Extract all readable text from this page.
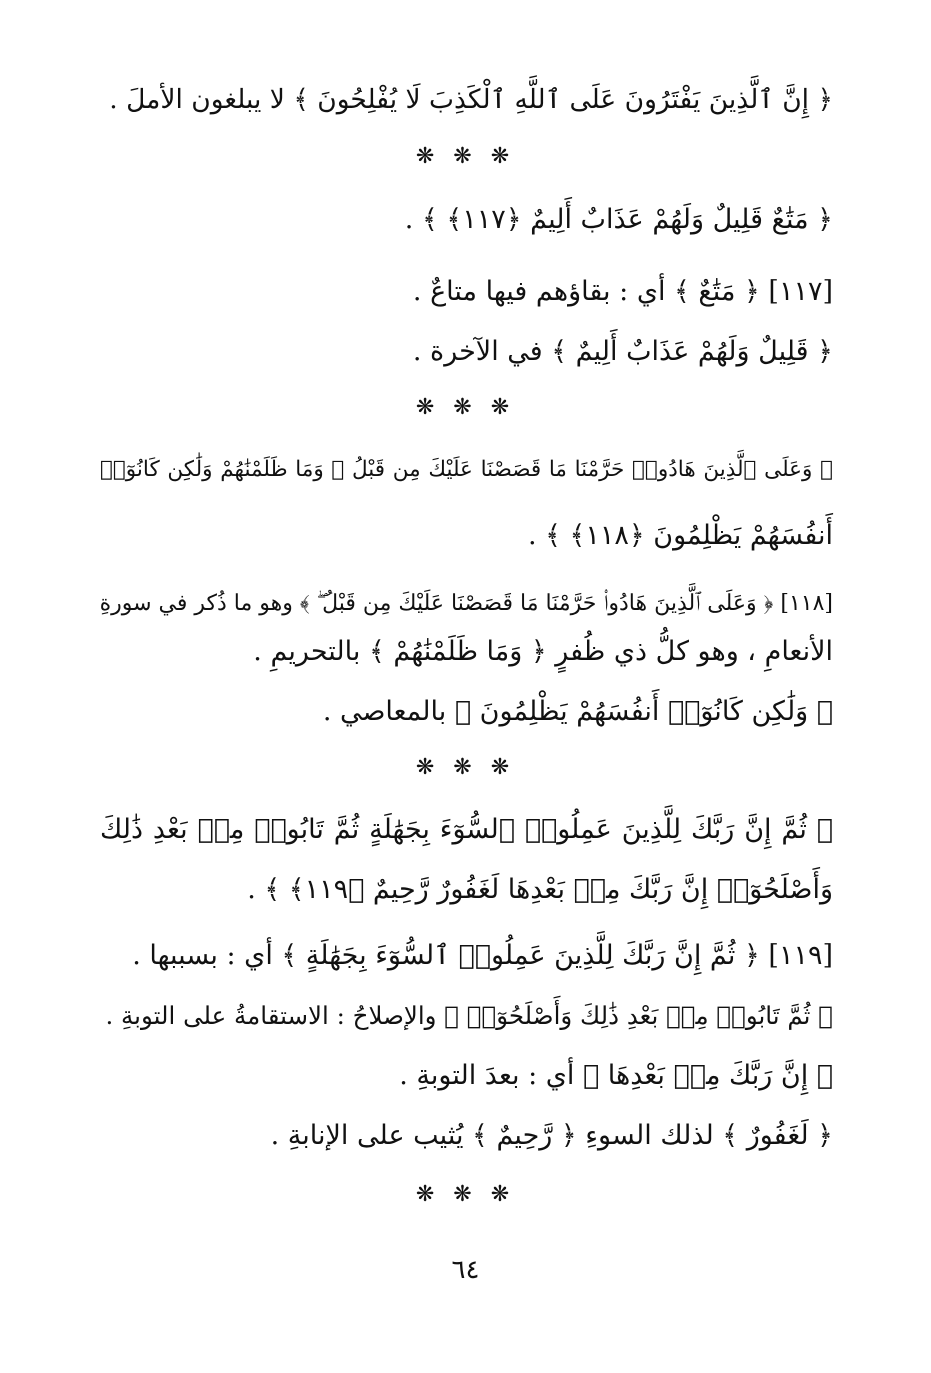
﴿ إِنَّ ٱلَّذِينَ يَفْتَرُونَ عَلَى ٱللَّهِ ٱلْكَذِبَ لَا يُفْلِحُونَ ﴾ لا يبلغون الأملَ .
❋ ❋ ❋
﴿ مَتَٰعٌ قَلِيلٌ وَلَهُمْ عَذَابٌ أَلِيمٌ ﴿١١٧﴾ ﴾ .
[١١٧] ﴿ مَتَٰعٌ ﴾ أي : بقاؤهم فيها متاعٌ .
﴿ قَلِيلٌ وَلَهُمْ عَذَابٌ أَلِيمٌ ﴾ في الآخرة .
❋ ❋ ❋
﴿ وَعَلَى ٱلَّذِينَ هَادُوا۟ حَرَّمْنَا مَا قَصَصْنَا عَلَيْكَ مِن قَبْلُ ۖ وَمَا ظَلَمْنَٰهُمْ وَلَٰكِن كَانُوٓا۟
أَنفُسَهُمْ يَظْلِمُونَ ﴿١١٨﴾ ﴾ .
[١١٨] ﴿ وَعَلَى ٱلَّذِينَ هَادُوا۟ حَرَّمْنَا مَا قَصَصْنَا عَلَيْكَ مِن قَبْلُ ۖ ﴾ وهو ما ذُكر في سورةِ
الأنعامِ ، وهو كلُّ ذي ظُفرٍ ﴿ وَمَا ظَلَمْنَٰهُمْ ﴾ بالتحريمِ .
﴿ وَلَٰكِن كَانُوٓا۟ أَنفُسَهُمْ يَظْلِمُونَ ﴾ بالمعاصي .
❋ ❋ ❋
﴿ ثُمَّ إِنَّ رَبَّكَ لِلَّذِينَ عَمِلُوا۟ ٱلسُّوٓءَ بِجَهَٰلَةٍ ثُمَّ تَابُوا۟ مِنۢ بَعْدِ ذَٰلِكَ
وَأَصْلَحُوٓا۟ إِنَّ رَبَّكَ مِنۢ بَعْدِهَا لَغَفُورٌ رَّحِيمٌ ﴿١١٩﴾ ﴾ .
[١١٩] ﴿ ثُمَّ إِنَّ رَبَّكَ لِلَّذِينَ عَمِلُوا۟ ٱلسُّوٓءَ بِجَهَٰلَةٍ ﴾ أي : بسببها .
﴿ ثُمَّ تَابُوا۟ مِنۢ بَعْدِ ذَٰلِكَ وَأَصْلَحُوٓا۟ ﴾ والإصلاحُ : الاستقامةُ على التوبةِ .
﴿ إِنَّ رَبَّكَ مِنۢ بَعْدِهَا ﴾ أي : بعدَ التوبةِ .
﴿ لَغَفُورٌ ﴾ لذلك السوءِ ﴿ رَّحِيمٌ ﴾ يُثيب على الإنابةِ .
❋ ❋ ❋
٦٤
